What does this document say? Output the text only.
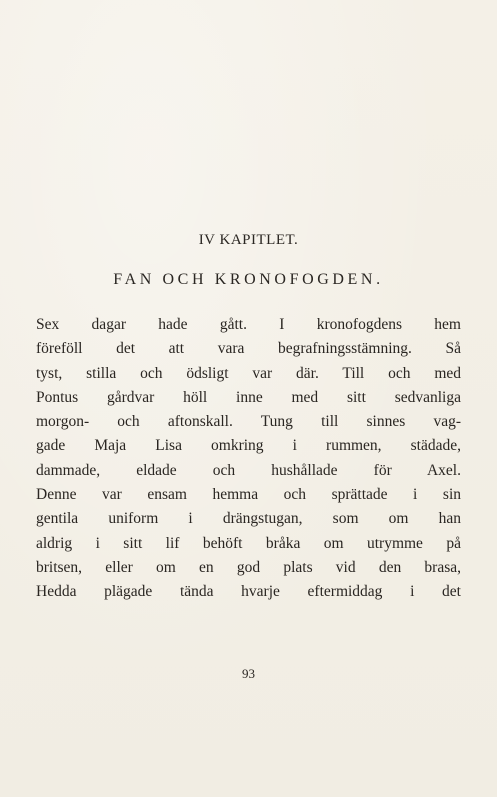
IV KAPITLET.
FAN OCH KRONOFOGDEN.
Sex dagar hade gått. I kronofogdens hem
föreföll det att vara begrafningsstämning. Så
tyst, stilla och ödsligt var där. Till och med
Pontus gårdvar höll inne med sitt sedvanliga
morgon- och aftonskall. Tung till sinnes vag-
gade Maja Lisa omkring i rummen, städade,
dammade, eldade och hushållade för Axel.
Denne var ensam hemma och sprättade i sin
gentila uniform i drängstugan, som om han
aldrig i sitt lif behöft bråka om utrymme på
britsen, eller om en god plats vid den brasa,
Hedda plägade tända hvarje eftermiddag i det
93
